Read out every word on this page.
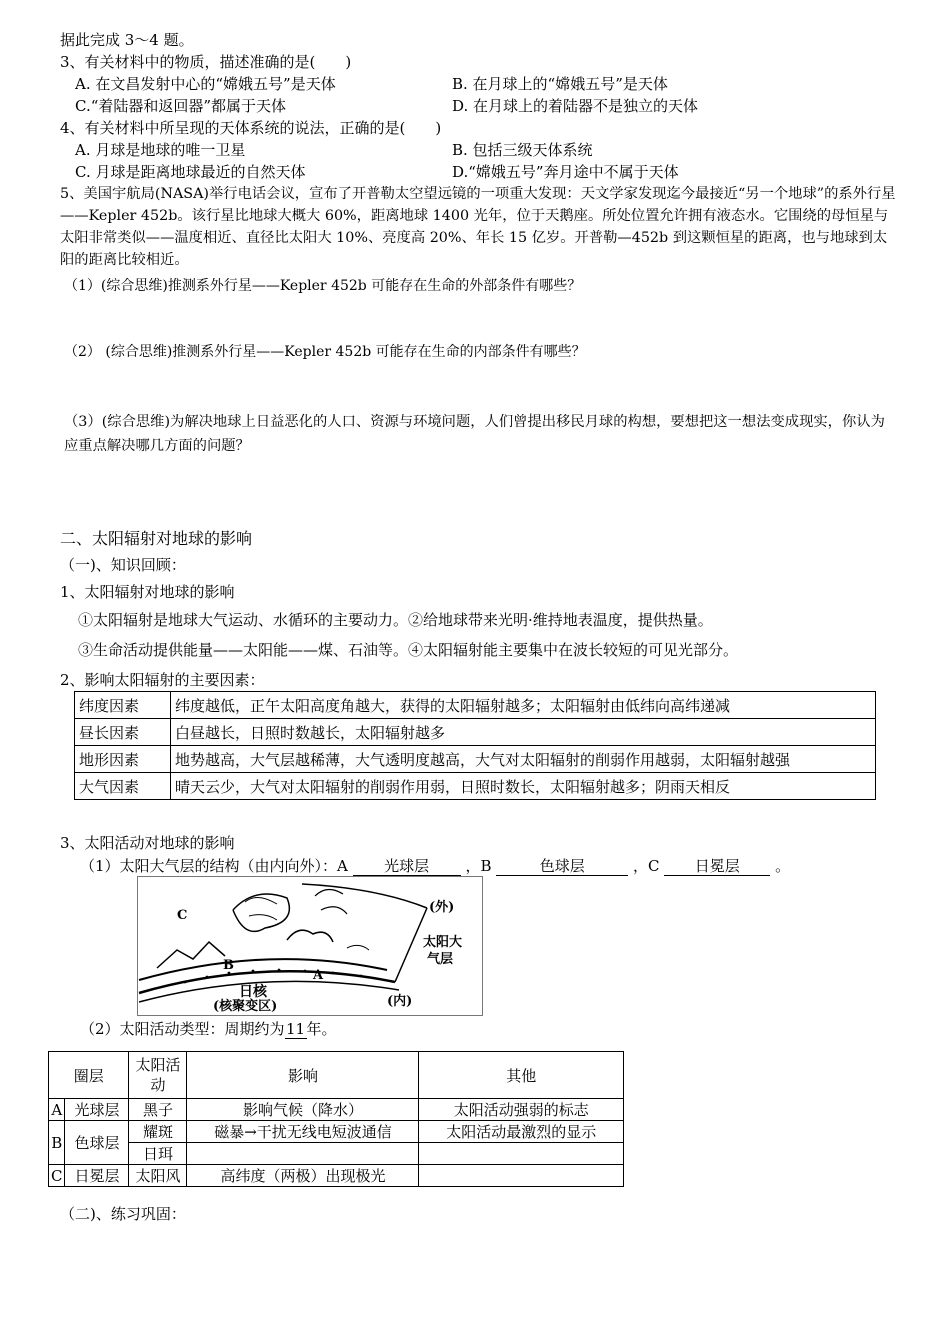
据此完成 3～4 题。
3、有关材料中的物质，描述准确的是(　　)
A. 在文昌发射中心的“嫦娥五号”是天体	B. 在月球上的“嫦娥五号”是天体
C.“着陆器和返回器”都属于天体	D. 在月球上的着陆器不是独立的天体
4、有关材料中所呈现的天体系统的说法，正确的是(　　)
A. 月球是地球的唯一卫星	B. 包括三级天体系统
C. 月球是距离地球最近的自然天体	D.“嫦娥五号”奔月途中不属于天体
5、美国宇航局(NASA)举行电话会议，宣布了开普勒太空望远镜的一项重大发现：天文学家发现迄今最接近“另一个地球”的系外行星——Kepler 452b。该行星比地球大概大 60%，距离地球 1400 光年，位于天鹅座。所处位置允许拥有液态水。它围绕的母恒星与太阳非常类似——温度相近、直径比太阳大 10%、亮度高 20%、年长 15 亿岁。开普勒—452b 到这颗恒星的距离，也与地球到太阳的距离比较相近。
（1）(综合思维)推测系外行星——Kepler 452b 可能存在生命的外部条件有哪些？
（2） (综合思维)推测系外行星——Kepler 452b 可能存在生命的内部条件有哪些？
（3）(综合思维)为解决地球上日益恶化的人口、资源与环境问题，人们曾提出移民月球的构想，要想把这一想法变成现实，你认为应重点解决哪几方面的问题？
二、太阳辐射对地球的影响
（一)、知识回顾：
1、太阳辐射对地球的影响
①太阳辐射是地球大气运动、水循环的主要动力。②给地球带来光明·维持地表温度，提供热量。
③生命活动提供能量——太阳能——煤、石油等。④太阳辐射能主要集中在波长较短的可见光部分。
2、影响太阳辐射的主要因素：
纬度因素	纬度越低，正午太阳高度角越大，获得的太阳辐射越多；太阳辐射由低纬向高纬递减
昼长因素	白昼越长，日照时数越长，太阳辐射越多
地形因素	地势越高，大气层越稀薄，大气透明度越高，大气对太阳辐射的削弱作用越弱，太阳辐射越强
大气因素	晴天云少，大气对太阳辐射的削弱作用弱，日照时数长，太阳辐射越多；阴雨天相反
3、太阳活动对地球的影响
（1）太阳大气层的结构（由内向外）：A 光球层 ，B	色球层	，C 日冕层 。
C
B
A
(外)
太阳大
气层
(内)
日核
(核聚变区)
（2）太阳活动类型：周期约为11年。
圈层		太阳活
动	影响	其他
A	光球层	黑子	影响气候（降水）	太阳活动强弱的标志
B	色球层	耀斑	磁暴→干扰无线电短波通信	太阳活动最激烈的显示
		日珥		
C	日冕层	太阳风	高纬度（两极）出现极光	
（二)、练习巩固：
